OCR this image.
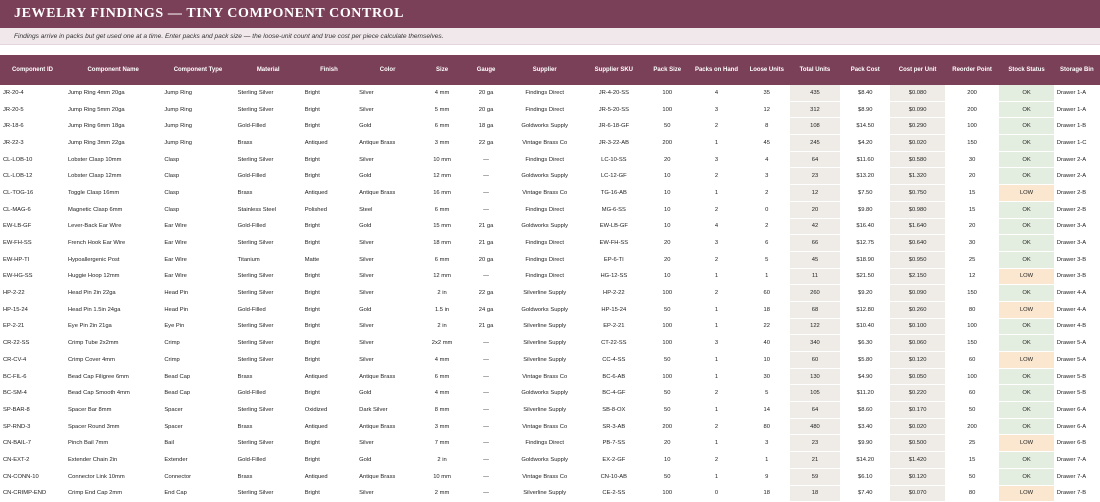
JEWELRY FINDINGS — TINY COMPONENT CONTROL
Findings arrive in packs but get used one at a time. Enter packs and pack size — the loose-unit count and true cost per piece calculate themselves.
Component ID	Component Name	Component Type	Material	Finish	Color	Size	Gauge	Supplier	Supplier SKU	Pack Size	Packs on Hand	Loose Units	Total Units	Pack Cost	Cost per Unit	Reorder Point	Stock Status	Storage Bin
JR-20-4	Jump Ring 4mm 20ga	Jump Ring	Sterling Silver	Bright	Silver	4 mm	20 ga	Findings Direct	JR-4-20-SS	100	4	35	435	$8.40	$0.080	200	OK	Drawer 1-A
JR-20-5	Jump Ring 5mm 20ga	Jump Ring	Sterling Silver	Bright	Silver	5 mm	20 ga	Findings Direct	JR-5-20-SS	100	3	12	312	$8.90	$0.090	200	OK	Drawer 1-A
JR-18-6	Jump Ring 6mm 18ga	Jump Ring	Gold-Filled	Bright	Gold	6 mm	18 ga	Goldworks Supply	JR-6-18-GF	50	2	8	108	$14.50	$0.290	100	OK	Drawer 1-B
JR-22-3	Jump Ring 3mm 22ga	Jump Ring	Brass	Antiqued	Antique Brass	3 mm	22 ga	Vintage Brass Co	JR-3-22-AB	200	1	45	245	$4.20	$0.020	150	OK	Drawer 1-C
CL-LOB-10	Lobster Clasp 10mm	Clasp	Sterling Silver	Bright	Silver	10 mm	—	Findings Direct	LC-10-SS	20	3	4	64	$11.60	$0.580	30	OK	Drawer 2-A
CL-LOB-12	Lobster Clasp 12mm	Clasp	Gold-Filled	Bright	Gold	12 mm	—	Goldworks Supply	LC-12-GF	10	2	3	23	$13.20	$1.320	20	OK	Drawer 2-A
CL-TOG-16	Toggle Clasp 16mm	Clasp	Brass	Antiqued	Antique Brass	16 mm	—	Vintage Brass Co	TG-16-AB	10	1	2	12	$7.50	$0.750	15	LOW	Drawer 2-B
CL-MAG-6	Magnetic Clasp 6mm	Clasp	Stainless Steel	Polished	Steel	6 mm	—	Findings Direct	MG-6-SS	10	2	0	20	$9.80	$0.980	15	OK	Drawer 2-B
EW-LB-GF	Lever-Back Ear Wire	Ear Wire	Gold-Filled	Bright	Gold	15 mm	21 ga	Goldworks Supply	EW-LB-GF	10	4	2	42	$16.40	$1.640	20	OK	Drawer 3-A
EW-FH-SS	French Hook Ear Wire	Ear Wire	Sterling Silver	Bright	Silver	18 mm	21 ga	Findings Direct	EW-FH-SS	20	3	6	66	$12.75	$0.640	30	OK	Drawer 3-A
EW-HP-TI	Hypoallergenic Post	Ear Wire	Titanium	Matte	Silver	6 mm	20 ga	Findings Direct	EP-6-TI	20	2	5	45	$18.90	$0.950	25	OK	Drawer 3-B
EW-HG-SS	Huggie Hoop 12mm	Ear Wire	Sterling Silver	Bright	Silver	12 mm	—	Findings Direct	HG-12-SS	10	1	1	11	$21.50	$2.150	12	LOW	Drawer 3-B
HP-2-22	Head Pin 2in 22ga	Head Pin	Sterling Silver	Bright	Silver	2 in	22 ga	Silverline Supply	HP-2-22	100	2	60	260	$9.20	$0.090	150	OK	Drawer 4-A
HP-15-24	Head Pin 1.5in 24ga	Head Pin	Gold-Filled	Bright	Gold	1.5 in	24 ga	Goldworks Supply	HP-15-24	50	1	18	68	$12.80	$0.260	80	LOW	Drawer 4-A
EP-2-21	Eye Pin 2in 21ga	Eye Pin	Sterling Silver	Bright	Silver	2 in	21 ga	Silverline Supply	EP-2-21	100	1	22	122	$10.40	$0.100	100	OK	Drawer 4-B
CR-22-SS	Crimp Tube 2x2mm	Crimp	Sterling Silver	Bright	Silver	2x2 mm	—	Silverline Supply	CT-22-SS	100	3	40	340	$6.30	$0.060	150	OK	Drawer 5-A
CR-CV-4	Crimp Cover 4mm	Crimp	Sterling Silver	Bright	Silver	4 mm	—	Silverline Supply	CC-4-SS	50	1	10	60	$5.80	$0.120	60	LOW	Drawer 5-A
BC-FIL-6	Bead Cap Filigree 6mm	Bead Cap	Brass	Antiqued	Antique Brass	6 mm	—	Vintage Brass Co	BC-6-AB	100	1	30	130	$4.90	$0.050	100	OK	Drawer 5-B
BC-SM-4	Bead Cap Smooth 4mm	Bead Cap	Gold-Filled	Bright	Gold	4 mm	—	Goldworks Supply	BC-4-GF	50	2	5	105	$11.20	$0.220	60	OK	Drawer 5-B
SP-BAR-8	Spacer Bar 8mm	Spacer	Sterling Silver	Oxidized	Dark Silver	8 mm	—	Silverline Supply	SB-8-OX	50	1	14	64	$8.60	$0.170	50	OK	Drawer 6-A
SP-RND-3	Spacer Round 3mm	Spacer	Brass	Antiqued	Antique Brass	3 mm	—	Vintage Brass Co	SR-3-AB	200	2	80	480	$3.40	$0.020	200	OK	Drawer 6-A
CN-BAIL-7	Pinch Bail 7mm	Bail	Sterling Silver	Bright	Silver	7 mm	—	Findings Direct	PB-7-SS	20	1	3	23	$9.90	$0.500	25	LOW	Drawer 6-B
CN-EXT-2	Extender Chain 2in	Extender	Gold-Filled	Bright	Gold	2 in	—	Goldworks Supply	EX-2-GF	10	2	1	21	$14.20	$1.420	15	OK	Drawer 7-A
CN-CONN-10	Connector Link 10mm	Connector	Brass	Antiqued	Antique Brass	10 mm	—	Vintage Brass Co	CN-10-AB	50	1	9	59	$6.10	$0.120	50	OK	Drawer 7-A
CN-CRIMP-END	Crimp End Cap 2mm	End Cap	Sterling Silver	Bright	Silver	2 mm	—	Silverline Supply	CE-2-SS	100	0	18	18	$7.40	$0.070	80	LOW	Drawer 7-B
